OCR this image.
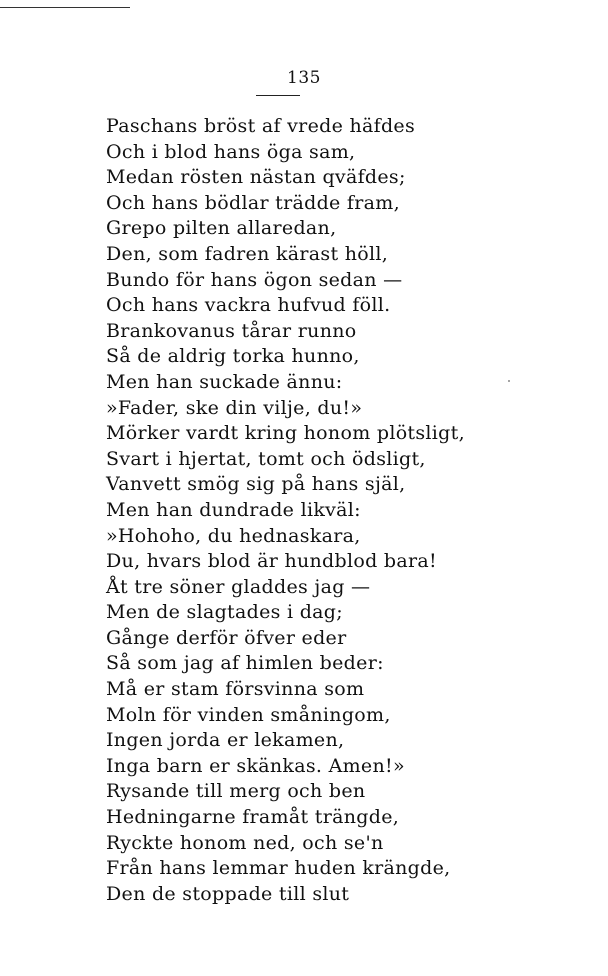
135
Paschans bröst af vrede häfdes
Och i blod hans öga sam,
Medan rösten nästan qväfdes;
Och hans bödlar trädde fram,
Grepo pilten allaredan,
Den, som fadren kärast höll,
Bundo för hans ögon sedan —
Och hans vackra hufvud föll.
Brankovanus tårar runno
Så de aldrig torka hunno,
Men han suckade ännu:
»Fader, ske din vilje, du!»
Mörker vardt kring honom plötsligt,
Svart i hjertat, tomt och ödsligt,
Vanvett smög sig på hans själ,
Men han dundrade likväl:
»Hohoho, du hednaskara,
Du, hvars blod är hundblod bara!
Åt tre söner gladdes jag —
Men de slagtades i dag;
Gånge derför öfver eder
Så som jag af himlen beder:
Må er stam försvinna som
Moln för vinden småningom,
Ingen jorda er lekamen,
Inga barn er skänkas. Amen!»
Rysande till merg och ben
Hedningarne framåt trängde,
Ryckte honom ned, och se'n
Från hans lemmar huden krängde,
Den de stoppade till slut
